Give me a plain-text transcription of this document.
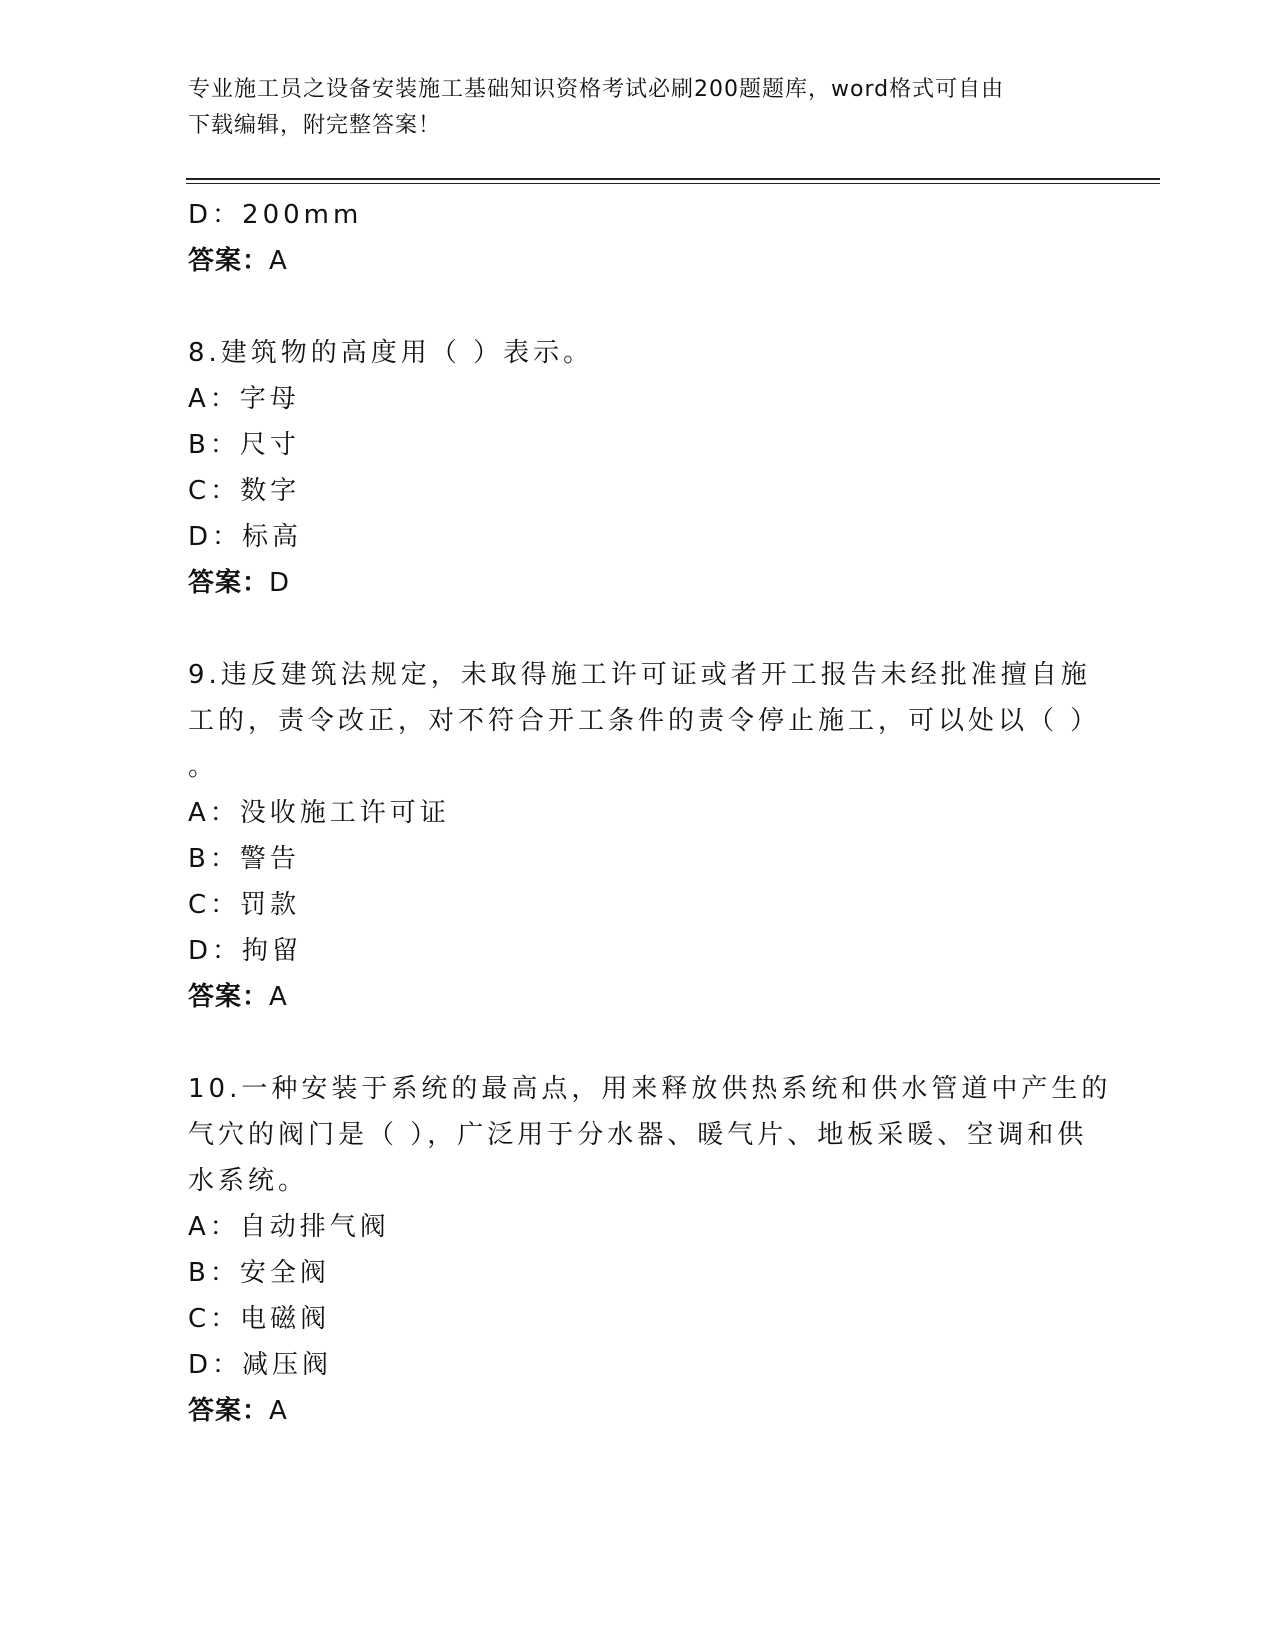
专业施工员之设备安装施工基础知识资格考试必刷200题题库，word格式可自由
下载编辑，附完整答案！
D：200mm
答案：A
8.建筑物的高度用（ ）表示。
A：字母
B：尺寸
C：数字
D：标高
答案：D
9.违反建筑法规定，未取得施工许可证或者开工报告未经批准擅自施
工的，责令改正，对不符合开工条件的责令停止施工，可以处以（ ）
。
A：没收施工许可证
B：警告
C：罚款
D：拘留
答案：A
10.一种安装于系统的最高点，用来释放供热系统和供水管道中产生的
气穴的阀门是（ ），广泛用于分水器、暖气片、地板采暖、空调和供
水系统。
A：自动排气阀
B：安全阀
C：电磁阀
D：减压阀
答案：A
